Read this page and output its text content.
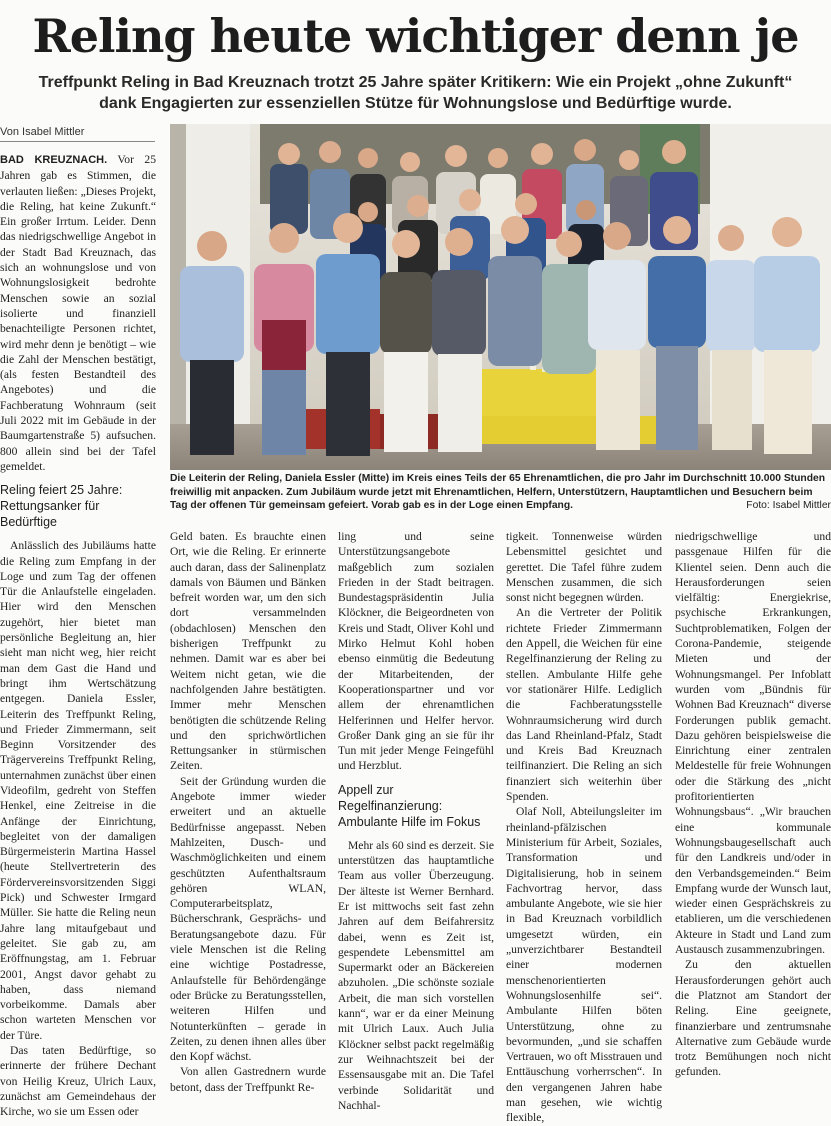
Reling heute wichtiger denn je
Treffpunkt Reling in Bad Kreuznach trotzt 25 Jahre später Kritikern: Wie ein Projekt „ohne Zukunft“ dank Engagierten zur essenziellen Stütze für Wohnungslose und Bedürftige wurde.
Von Isabel Mittler

BAD KREUZNACH. Vor 25 Jahren gab es Stimmen, die verlauten ließen: „Dieses Projekt, die Reling, hat keine Zukunft.“ Ein großer Irrtum. Leider. Denn das niedrigschwellige Angebot in der Stadt Bad Kreuznach, das sich an wohnungslose und von Wohnungslosigkeit bedrohte Menschen sowie an sozial isolierte und finanziell benachteiligte Personen richtet, wird mehr denn je benötigt – wie die Zahl der Menschen bestätigt, (als festen Bestandteil des Angebotes) und die Fachberatung Wohnraum (seit Juli 2022 mit im Gebäude in der Baumgartenstraße 5) aufsuchen. 800 allein sind bei der Tafel gemeldet.

Reling feiert 25 Jahre: Rettungsanker für Bedürftige

Anlässlich des Jubiläums hatte die Reling zum Empfang in der Loge und zum Tag der offenen Tür die Anlaufstelle eingeladen. Hier wird den Menschen zugehört, hier bietet man persönliche Begleitung an, hier sieht man nicht weg, hier reicht man dem Gast die Hand und bringt ihm Wertschätzung entgegen. Daniela Essler, Leiterin des Treffpunkt Reling, und Frieder Zimmermann, seit Beginn Vorsitzender des Trägervereins Treffpunkt Reling, unternahmen zunächst über einen Videofilm, gedreht von Steffen Henkel, eine Zeitreise in die Anfänge der Einrichtung, begleitet von der damaligen Bürgermeisterin Martina Hassel (heute Stellvertreterin des Fördervereinsvorsitzenden Siggi Pick) und Schwester Irmgard Müller. Sie hatte die Reling neun Jahre lang mitaufgebaut und geleitet. Sie gab zu, am Eröffnungstag, am 1. Februar 2001, Angst davor gehabt zu haben, dass niemand vorbeikomme. Damals aber schon warteten Menschen vor der Türe.

Das taten Bedürftige, so erinnerte der frühere Dechant von Heilig Kreuz, Ulrich Laux, zunächst am Gemeindehaus der Kirche, wo sie um Essen oder

Die Leiterin der Reling, Daniela Essler (Mitte) im Kreis eines Teils der 65 Ehrenamtlichen, die pro Jahr im Durchschnitt 10.000 Stunden freiwillig mit anpacken. Zum Jubiläum wurde jetzt mit Ehrenamtlichen, Helfern, Unterstützern, Hauptamtlichen und Besuchern beim Tag der offenen Tür gemeinsam gefeiert. Vorab gab es in der Loge einen Empfang.	Foto: Isabel Mittler

Geld baten. Es brauchte einen Ort, wie die Reling. Er erinnerte auch daran, dass der Salinenplatz damals von Bäumen und Bänken befreit worden war, um den sich dort versammelnden (obdachlosen) Menschen den bisherigen Treffpunkt zu nehmen. Damit war es aber bei Weitem nicht getan, wie die nachfolgenden Jahre bestätigten. Immer mehr Menschen benötigten die schützende Reling und den sprichwörtlichen Rettungsanker in stürmischen Zeiten.

Seit der Gründung wurden die Angebote immer wieder erweitert und an aktuelle Bedürfnisse angepasst. Neben Mahlzeiten, Dusch- und Waschmöglichkeiten und einem geschützten Aufenthaltsraum gehören WLAN, Computerarbeitsplatz, Bücherschrank, Gesprächs- und Beratungsangebote dazu. Für viele Menschen ist die Reling eine wichtige Postadresse, Anlaufstelle für Behördengänge oder Brücke zu Beratungsstellen, weiteren Hilfen und Notunterkünften – gerade in Zeiten, zu denen ihnen alles über den Kopf wächst.

Von allen Gastrednern wurde betont, dass der Treffpunkt Re-

ling und seine Unterstützungsangebote maßgeblich zum sozialen Frieden in der Stadt beitragen. Bundestagspräsidentin Julia Klöckner, die Beigeordneten von Kreis und Stadt, Oliver Kohl und Mirko Helmut Kohl hoben ebenso einmütig die Bedeutung der Mitarbeitenden, der Kooperationspartner und vor allem der ehrenamtlichen Helferinnen und Helfer hervor. Großer Dank ging an sie für ihr Tun mit jeder Menge Feingefühl und Herzblut.

Appell zur Regelfinanzierung: Ambulante Hilfe im Fokus

Mehr als 60 sind es derzeit. Sie unterstützen das hauptamtliche Team aus voller Überzeugung. Der älteste ist Werner Bernhard. Er ist mittwochs seit fast zehn Jahren auf dem Beifahrersitz dabei, wenn es Zeit ist, gespendete Lebensmittel am Supermarkt oder an Bäckereien abzuholen. „Die schönste soziale Arbeit, die man sich vorstellen kann“, war er da einer Meinung mit Ulrich Laux. Auch Julia Klöckner selbst packt regelmäßig zur Weihnachtszeit bei der Essensausgabe mit an. Die Tafel verbinde Solidarität und Nachhal-

tigkeit. Tonnenweise würden Lebensmittel gesichtet und gerettet. Die Tafel führe zudem Menschen zusammen, die sich sonst nicht begegnen würden.

An die Vertreter der Politik richtete Frieder Zimmermann den Appell, die Weichen für eine Regelfinanzierung der Reling zu stellen. Ambulante Hilfe gehe vor stationärer Hilfe. Lediglich die Fachberatungsstelle Wohnraumsicherung wird durch das Land Rheinland-Pfalz, Stadt und Kreis Bad Kreuznach teilfinanziert. Die Reling an sich finanziert sich weiterhin über Spenden.

Olaf Noll, Abteilungsleiter im rheinland-pfälzischen Ministerium für Arbeit, Soziales, Transformation und Digitalisierung, hob in seinem Fachvortrag hervor, dass ambulante Angebote, wie sie hier in Bad Kreuznach vorbildlich umgesetzt würden, ein „unverzichtbarer Bestandteil einer modernen menschenorientierten Wohnungslosenhilfe sei“. Ambulante Hilfen böten Unterstützung, ohne zu bevormunden, „und sie schaffen Vertrauen, wo oft Misstrauen und Enttäuschung vorherrschen“. In den vergangenen Jahren habe man gesehen, wie wichtig flexible,

niedrigschwellige und passgenaue Hilfen für die Klientel seien. Denn auch die Herausforderungen seien vielfältig: Energiekrise, psychische Erkrankungen, Suchtproblematiken, Folgen der Corona-Pandemie, steigende Mieten und der Wohnungsmangel. Per Infoblatt wurden vom „Bündnis für Wohnen Bad Kreuznach“ diverse Forderungen publik gemacht. Dazu gehören beispielsweise die Einrichtung einer zentralen Meldestelle für freie Wohnungen oder die Stärkung des „nicht profitorientierten Wohnungsbaus“. „Wir brauchen eine kommunale Wohnungsbaugesellschaft auch für den Landkreis und/oder in den Verbandsgemeinden.“ Beim Empfang wurde der Wunsch laut, wieder einen Gesprächskreis zu etablieren, um die verschiedenen Akteure in Stadt und Land zum Austausch zusammenzubringen.

Zu den aktuellen Herausforderungen gehört auch die Platznot am Standort der Reling. Eine geeignete, finanzierbare und zentrumsnahe Alternative zum Gebäude wurde trotz Bemühungen noch nicht gefunden.
